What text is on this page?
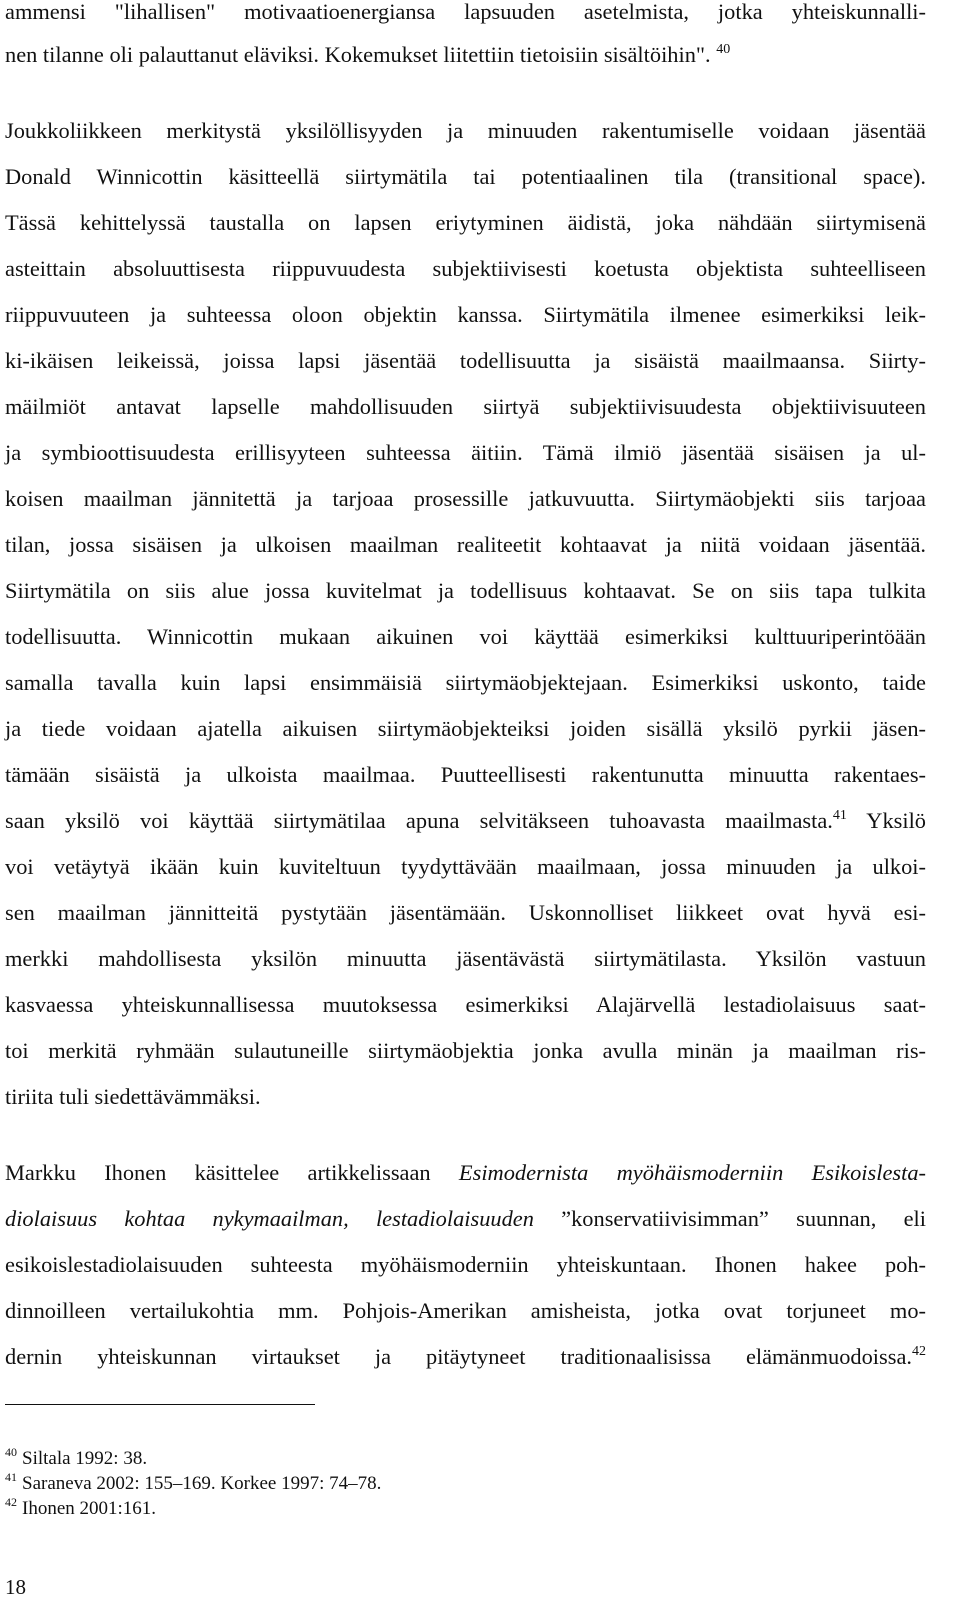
ammensi "lihallisen" motivaatioenergiansa lapsuuden asetelmista, jotka yhteiskunnalli-
nen tilanne oli palauttanut eläviksi. Kokemukset liitettiin tietoisiin sisältöihin". $^{40}$
Joukkoliikkeen merkitystä yksilöllisyyden ja minuuden rakentumiselle voidaan jäsentää
Donald Winnicottin käsitteellä siirtymätila tai potentiaalinen tila (transitional space).
Tässä kehittelyssä taustalla on lapsen eriytyminen äidistä, joka nähdään siirtymisenä
asteittain absoluuttisesta riippuvuudesta subjektiivisesti koetusta objektista suhteelliseen
riippuvuuteen ja suhteessa oloon objektin kanssa. Siirtymätila ilmenee esimerkiksi leik-
ki-ikäisen leikeissä, joissa lapsi jäsentää todellisuutta ja sisäistä maailmaansa. Siirty-
mäilmiöt antavat lapselle mahdollisuuden siirtyä subjektiivisuudesta objektiivisuuteen
ja symbioottisuudesta erillisyyteen suhteessa äitiin. Tämä ilmiö jäsentää sisäisen ja ul-
koisen maailman jännitettä ja tarjoaa prosessille jatkuvuutta. Siirtymäobjekti siis tarjoaa
tilan, jossa sisäisen ja ulkoisen maailman realiteetit kohtaavat ja niitä voidaan jäsentää.
Siirtymätila on siis alue jossa kuvitelmat ja todellisuus kohtaavat. Se on siis tapa tulkita
todellisuutta. Winnicottin mukaan aikuinen voi käyttää esimerkiksi kulttuuriperintöään
samalla tavalla kuin lapsi ensimmäisiä siirtymäobjektejaan. Esimerkiksi uskonto, taide
ja tiede voidaan ajatella aikuisen siirtymäobjekteiksi joiden sisällä yksilö pyrkii jäsen-
tämään sisäistä ja ulkoista maailmaa. Puutteellisesti rakentunutta minuutta rakentaes-
saan yksilö voi käyttää siirtymätilaa apuna selvitäkseen tuhoavasta maailmasta.$^{41}$ Yksilö
voi vetäytyä ikään kuin kuviteltuun tyydyttävään maailmaan, jossa minuuden ja ulkoi-
sen maailman jännitteitä pystytään jäsentämään. Uskonnolliset liikkeet ovat hyvä esi-
merkki mahdollisesta yksilön minuutta jäsentävästä siirtymätilasta. Yksilön vastuun
kasvaessa yhteiskunnallisessa muutoksessa esimerkiksi Alajärvellä lestadiolaisuus saat-
toi merkitä ryhmään sulautuneille siirtymäobjektia jonka avulla minän ja maailman ris-
tiriita tuli siedettävämmäksi.
Markku Ihonen käsittelee artikkelissaan Esimodernista myöhäismoderniin Esikoislesta-
diolaisuus kohtaa nykymaailman, lestadiolaisuuden ”konservatiivisimman” suunnan, eli
esikoislestadiolaisuuden suhteesta myöhäismoderniin yhteiskuntaan. Ihonen hakee poh-
dinnoilleen vertailukohtia mm. Pohjois-Amerikan amisheista, jotka ovat torjuneet mo-
dernin yhteiskunnan virtaukset ja pitäytyneet traditionaalisissa elämänmuodoissa.$^{42}$
$^{40}$ Siltala 1992: 38.
$^{41}$ Saraneva 2002: 155–169. Korkee 1997: 74–78.
$^{42}$ Ihonen 2001:161.
18
